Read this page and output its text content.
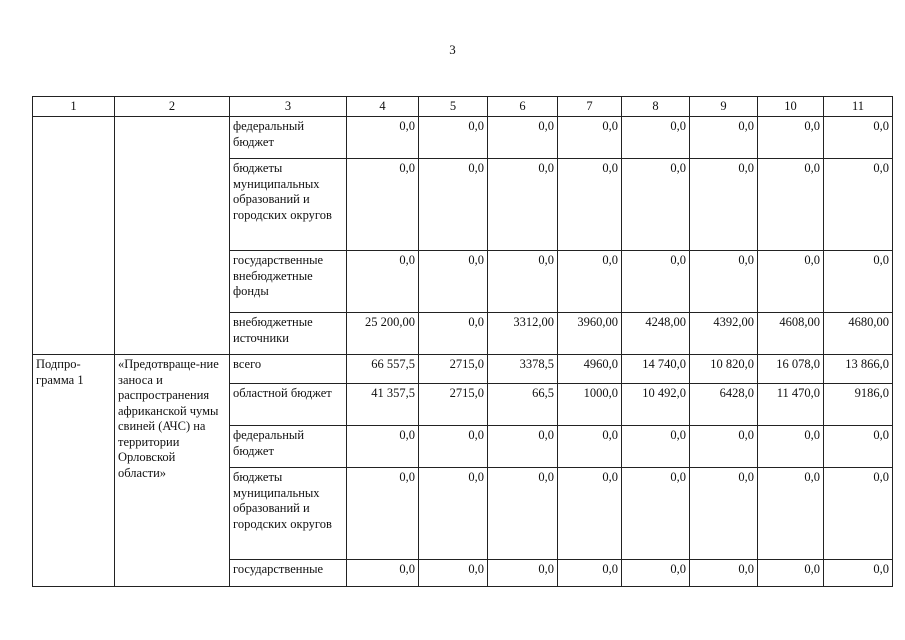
3
1	2	3	4	5	6	7	8	9	10	11
		федеральный бюджет	0,0	0,0	0,0	0,0	0,0	0,0	0,0	0,0
		бюджеты муниципальных образований и городских округов	0,0	0,0	0,0	0,0	0,0	0,0	0,0	0,0
		государственные внебюджетные фонды	0,0	0,0	0,0	0,0	0,0	0,0	0,0	0,0
		внебюджетные источники	25 200,00	0,0	3312,00	3960,00	4248,00	4392,00	4608,00	4680,00
Подпро-грамма 1	«Предотвраще-ние заноса и распространения африканской чумы свиней (АЧС) на территории Орловской области»	всего	66 557,5	2715,0	3378,5	4960,0	14 740,0	10 820,0	16 078,0	13 866,0
		областной бюджет	41 357,5	2715,0	66,5	1000,0	10 492,0	6428,0	11 470,0	9186,0
		федеральный бюджет	0,0	0,0	0,0	0,0	0,0	0,0	0,0	0,0
		бюджеты муниципальных образований и городских округов	0,0	0,0	0,0	0,0	0,0	0,0	0,0	0,0
		государственные	0,0	0,0	0,0	0,0	0,0	0,0	0,0	0,0
